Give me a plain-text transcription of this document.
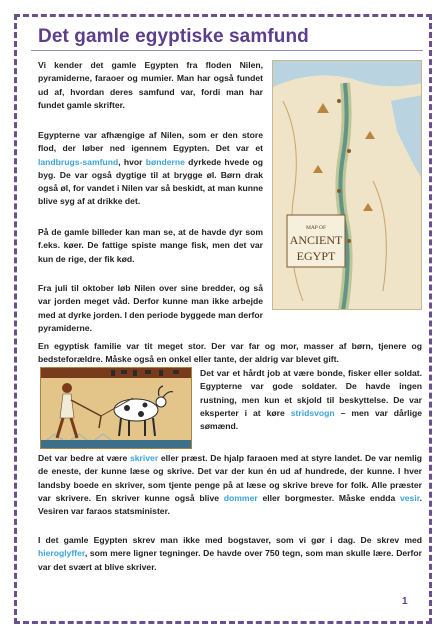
Det gamle egyptiske samfund

Vi kender det gamle Egypten fra floden Nilen, pyramiderne, faraoer og mumier. Man har også fundet ud af, hvordan deres samfund var, fordi man har fundet gamle skrifter.

Egypterne var afhængige af Nilen, som er den store flod, der løber ned igennem Egypten. Det var et landbrugs-samfund, hvor bønderne dyrkede hvede og byg. De var også dygtige til at brygge øl. Børn drak også øl, for vandet i Nilen var så beskidt, at man kunne blive syg af at drikke det.

På de gamle billeder kan man se, at de havde dyr som f.eks. køer. De fattige spiste mange fisk, men det var kun de rige, der fik kød.

Fra juli til oktober løb Nilen over sine bredder, og så var jorden meget våd. Derfor kunne man ikke arbejde med at dyrke jorden. I den periode byggede man derfor pyramiderne.

MAP OF
ANCIENT
EGYPT

En egyptisk familie var tit meget stor. Der var far og mor, masser af børn, tjenere og bedsteforældre. Måske også en onkel eller tante, der aldrig var blevet gift.

Det var et hårdt job at være bonde, fisker eller soldat. Egypterne var gode soldater. De havde ingen rustning, men kun et skjold til beskyttelse. De var eksperter i at køre stridsvogn – men var dårlige sømænd.

Det var bedre at være skriver eller præst. De hjalp faraoen med at styre landet. De var nemlig de eneste, der kunne læse og skrive. Det var der kun én ud af hundrede, der kunne. I hver landsby boede en skriver, som tjente penge på at læse og skrive breve for folk. Alle præster var skrivere. En skriver kunne også blive dommer eller borgmester. Måske endda vesir. Vesiren var faraos statsminister.

I det gamle Egypten skrev man ikke med bogstaver, som vi gør i dag. De skrev med hieroglyffer, som mere ligner tegninger. De havde over 750 tegn, som man skulle lære. Derfor var det svært at blive skriver.

1
